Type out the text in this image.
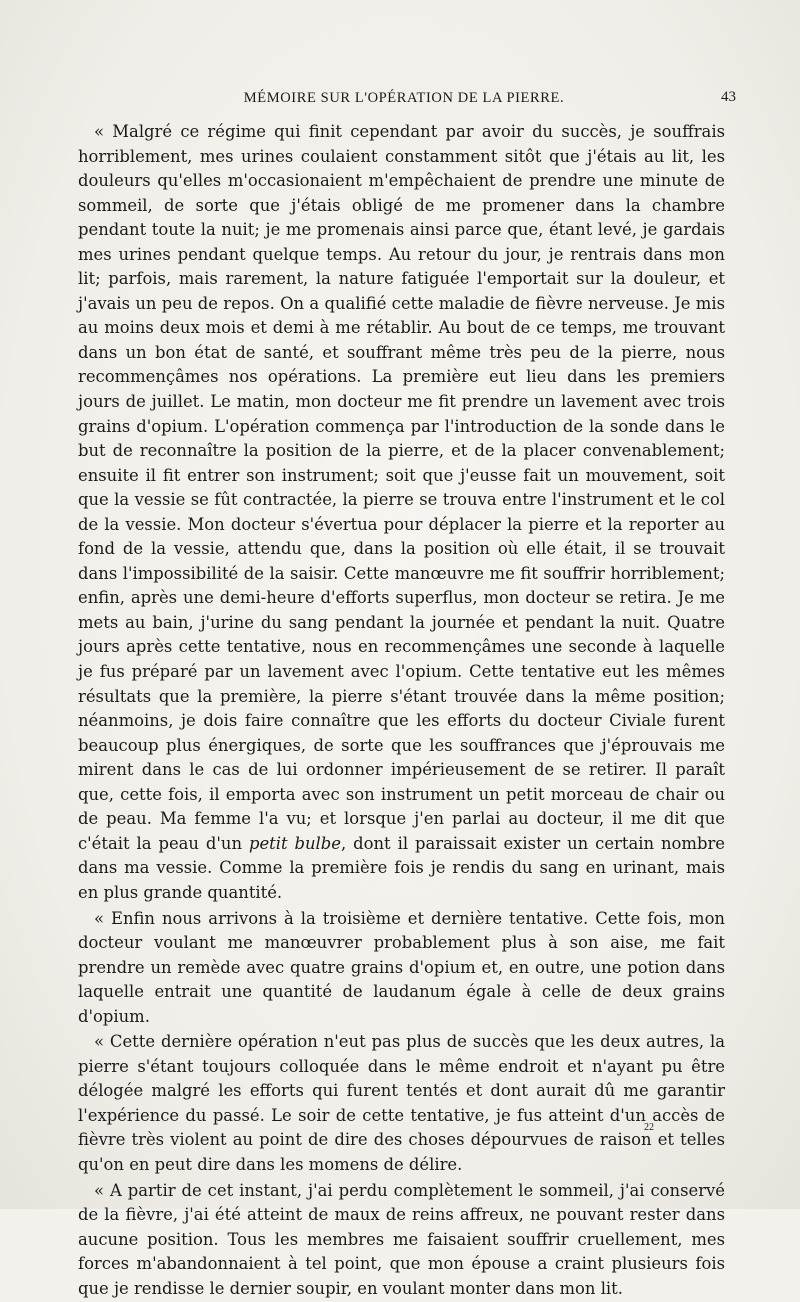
MÉMOIRE SUR L'OPÉRATION DE LA PIERRE.	43

« Malgré ce régime qui finit cependant par avoir du succès, je souffrais horriblement, mes urines coulaient constamment sitôt que j'étais au lit, les douleurs qu'elles m'occasionaient m'empêchaient de prendre une minute de sommeil, de sorte que j'étais obligé de me promener dans la chambre pendant toute la nuit; je me promenais ainsi parce que, étant levé, je gardais mes urines pendant quelque temps. Au retour du jour, je rentrais dans mon lit; parfois, mais rarement, la nature fatiguée l'emportait sur la douleur, et j'avais un peu de repos. On a qualifié cette maladie de fièvre nerveuse. Je mis au moins deux mois et demi à me rétablir. Au bout de ce temps, me trouvant dans un bon état de santé, et souffrant même très peu de la pierre, nous recommençâmes nos opérations. La première eut lieu dans les premiers jours de juillet. Le matin, mon docteur me fit prendre un lavement avec trois grains d'opium. L'opération commença par l'introduction de la sonde dans le but de reconnaître la position de la pierre, et de la placer convenablement; ensuite il fit entrer son instrument; soit que j'eusse fait un mouvement, soit que la vessie se fût contractée, la pierre se trouva entre l'instrument et le col de la vessie. Mon docteur s'évertua pour déplacer la pierre et la reporter au fond de la vessie, attendu que, dans la position où elle était, il se trouvait dans l'impossibilité de la saisir. Cette manœuvre me fit souffrir horriblement; enfin, après une demi-heure d'efforts superflus, mon docteur se retira. Je me mets au bain, j'urine du sang pendant la journée et pendant la nuit. Quatre jours après cette tentative, nous en recommençâmes une seconde à laquelle je fus préparé par un lavement avec l'opium. Cette tentative eut les mêmes résultats que la première, la pierre s'étant trouvée dans la même position; néanmoins, je dois faire connaître que les efforts du docteur Civiale furent beaucoup plus énergiques, de sorte que les souffrances que j'éprouvais me mirent dans le cas de lui ordonner impérieusement de se retirer. Il paraît que, cette fois, il emporta avec son instrument un petit morceau de chair ou de peau. Ma femme l'a vu; et lorsque j'en parlai au docteur, il me dit que c'était la peau d'un petit bulbe, dont il paraissait exister un certain nombre dans ma vessie. Comme la première fois je rendis du sang en urinant, mais en plus grande quantité.

« Enfin nous arrivons à la troisième et dernière tentative. Cette fois, mon docteur voulant me manœuvrer probablement plus à son aise, me fait prendre un remède avec quatre grains d'opium et, en outre, une potion dans laquelle entrait une quantité de laudanum égale à celle de deux grains d'opium.

« Cette dernière opération n'eut pas plus de succès que les deux autres, la pierre s'étant toujours colloquée dans le même endroit et n'ayant pu être délogée malgré les efforts qui furent tentés et dont aurait dû me garantir l'expérience du passé. Le soir de cette tentative, je fus atteint d'un accès de fièvre très violent au point de dire des choses dépourvues de raison et telles qu'on en peut dire dans les momens de délire.

« A partir de cet instant, j'ai perdu complètement le sommeil, j'ai conservé de la fièvre, j'ai été atteint de maux de reins affreux, ne pouvant rester dans aucune position. Tous les membres me faisaient souffrir cruellement, mes forces m'abandonnaient à tel point, que mon épouse a craint plusieurs fois que je rendisse le dernier soupir, en voulant monter dans mon lit.

22
